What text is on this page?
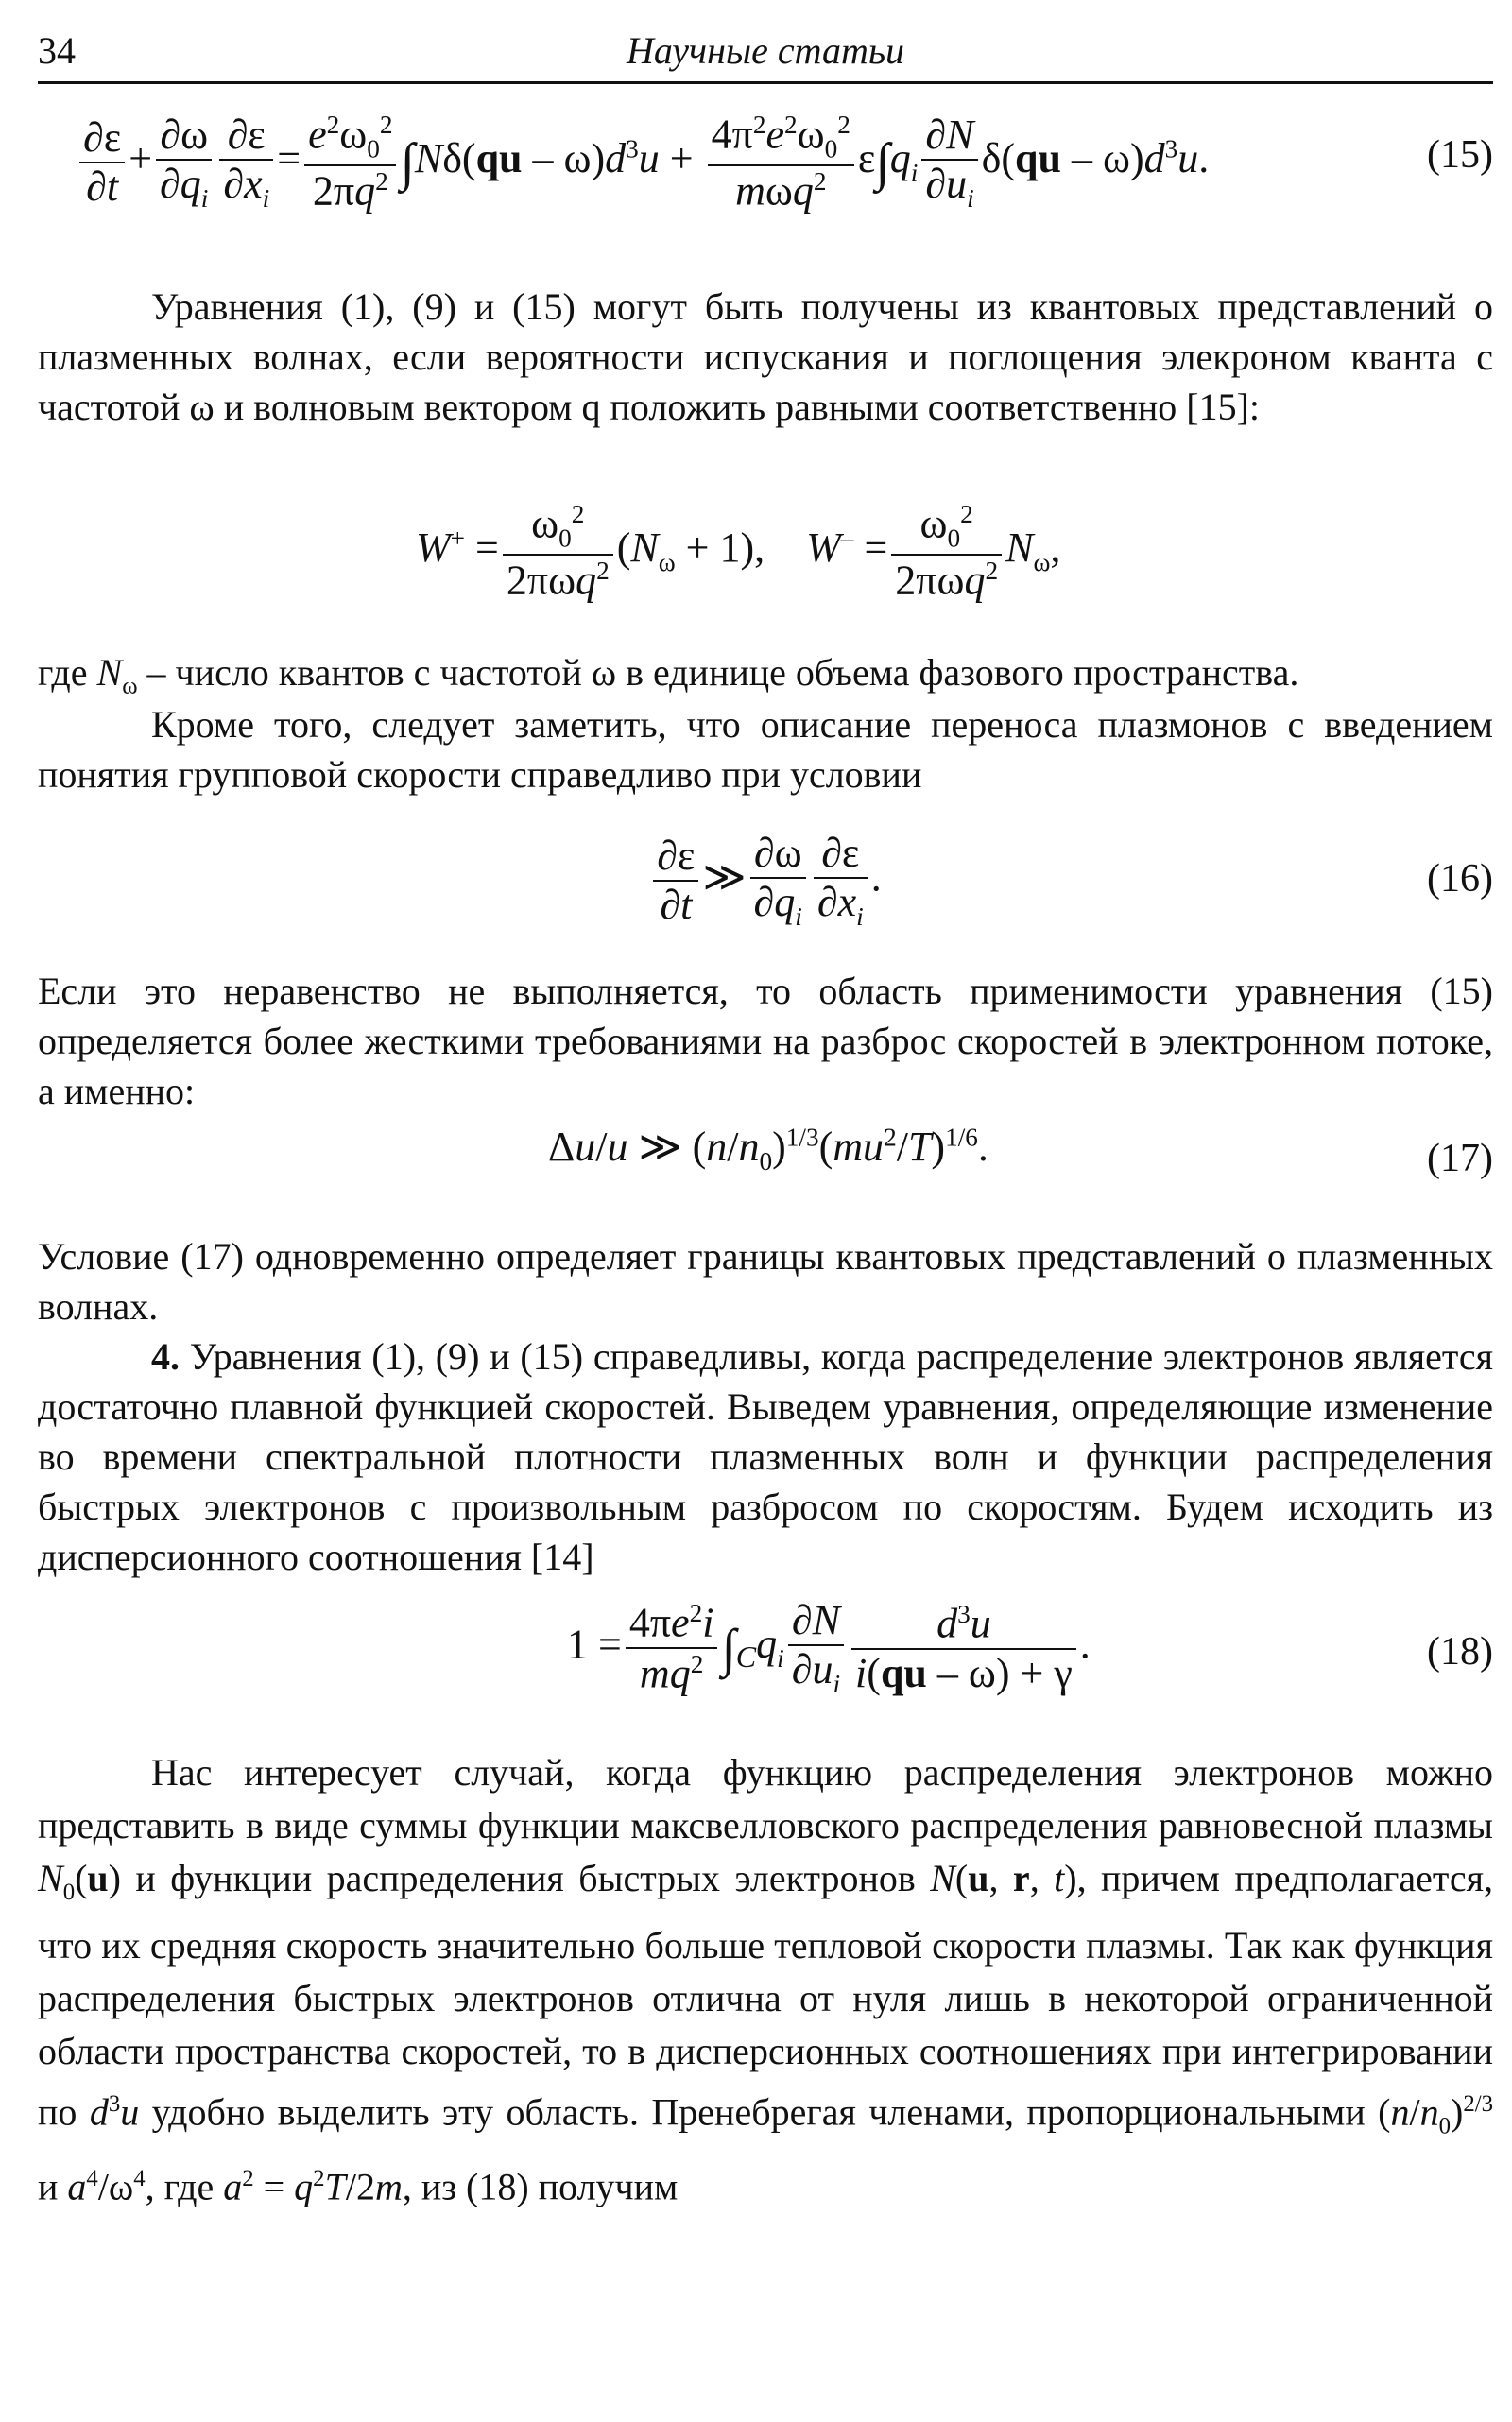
34	Научные статьи
$\frac{\partial\varepsilon}{\partial t} + \frac{\partial\omega}{\partial q_i} \frac{\partial\varepsilon}{\partial x_i} = \frac{e^2\omega_0^2}{2\pi q^2} \int N\delta(qu - \omega)d^3u + \frac{4\pi^2e^2\omega_0^2}{m\omega q^2} \varepsilon\int q_i \frac{\partial N}{\partial u_i} \delta(qu - \omega)d^3u$.	(15)

Уравнения (1), (9) и (15) могут быть получены из квантовых представлений о плазменных волнах, если вероятности испускания и поглощения элекроном кванта с частотой ω и волновым вектором q положить равными соответственно [15]:

$W^+ = \frac{\omega_0^2}{2\pi\omega q^2} (N_\omega + 1)$,    $W^- = \frac{\omega_0^2}{2\pi\omega q^2} N_\omega$,

где $N_\omega$ – число квантов с частотой ω в единице объема фазового пространства.

Кроме того, следует заметить, что описание переноса плазмонов с введением понятия групповой скорости справедливо при условии

$\frac{\partial\varepsilon}{\partial t}$ ≫ $\frac{\partial\omega}{\partial q_i} \frac{\partial\varepsilon}{\partial x_i}$ .	(16)

Если это неравенство не выполняется, то область применимости уравнения (15) определяется более жесткими требованиями на разброс скоростей в электронном потоке, а именно:

Δu/u ≫ $(n/n_0)^{1/3}(mu^2/T)^{1/6}$.	(17)

Условие (17) одновременно определяет границы квантовых представлений о плазменных волнах.

4. Уравнения (1), (9) и (15) справедливы, когда распределение электронов является достаточно плавной функцией скоростей. Выведем уравнения, определяющие изменение во времени спектральной плотности плазменных волн и функции распределения быстрых электронов с произвольным разбросом по скоростям. Будем исходить из дисперсионного соотношения [14]

$1 = \frac{4\pi e^2i}{mq^2} \int_Cq_i \frac{\partial N}{\partial u_i} \frac{d^3u}{i(qu - \omega) + \gamma}$ .	(18)

Нас интересует случай, когда функцию распределения электронов можно представить в виде суммы функции максвелловского распределения равновесной плазмы $N_0(u)$ и функции распределения быстрых электронов N(u, r, t), причем предполагается, что их средняя скорость значительно больше тепловой скорости плазмы. Так как функция распределения быстрых электронов отлична от нуля лишь в некоторой ограниченной области пространства скоростей, то в дисперсионных соотношениях при интегрировании по $d^3u$ удобно выделить эту область. Пренебрегая членами, пропорциональными $(n/n_0)^{2/3}$ и $a^4/\omega^4$, где $a^2 = q^2T/2m$, из (18) получим
